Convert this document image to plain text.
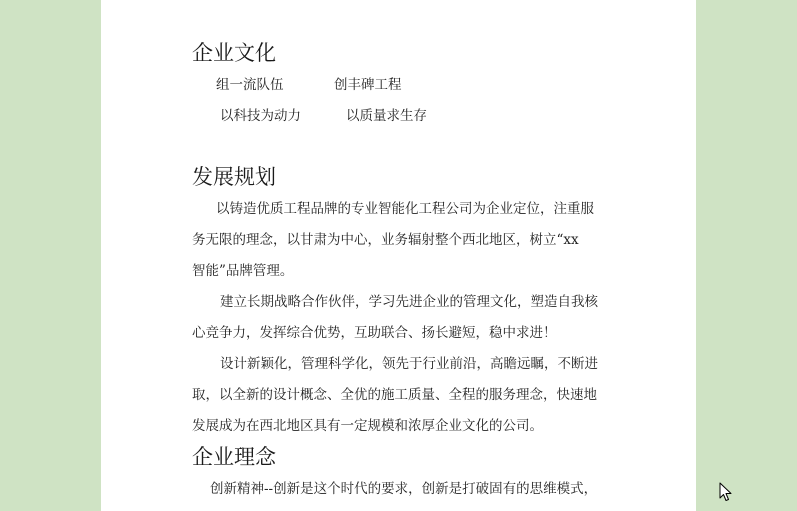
企业文化
组一流队伍	创丰碑工程
以科技为动力	以质量求生存
发展规划
以铸造优质工程品牌的专业智能化工程公司为企业定位，注重服
务无限的理念，以甘肃为中心，业务辐射整个西北地区，树立“xx
智能”品牌管理。
建立长期战略合作伙伴，学习先进企业的管理文化，塑造自我核
心竞争力，发挥综合优势，互助联合、扬长避短，稳中求进！
设计新颖化，管理科学化，领先于行业前沿，高瞻远瞩，不断进
取，以全新的设计概念、全优的施工质量、全程的服务理念，快速地
发展成为在西北地区具有一定规模和浓厚企业文化的公司。
企业理念
创新精神--创新是这个时代的要求，创新是打破固有的思维模式，
